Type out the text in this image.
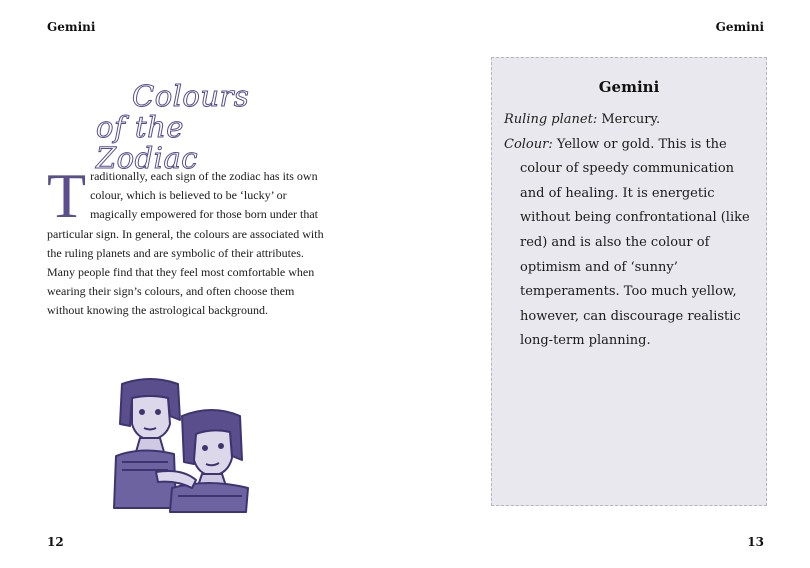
Gemini
Colours
of the Zodiac

Traditionally, each sign of the zodiac has its own colour, which is believed to be ‘lucky’ or magically empowered for those born under that particular sign. In general, the colours are associated with the ruling planets and are symbolic of their attributes. Many people find that they feel most comfortable when wearing their sign’s colours, and often choose them without knowing the astrological background.

12
Gemini
Gemini

Ruling planet: Mercury.

Colour: Yellow or gold. This is the
colour of speedy communication and of healing. It is energetic without being confrontational (like red) and is also the colour of optimism and of ‘sunny’ temperaments. Too much yellow, however, can discourage realistic long-term planning.

13
